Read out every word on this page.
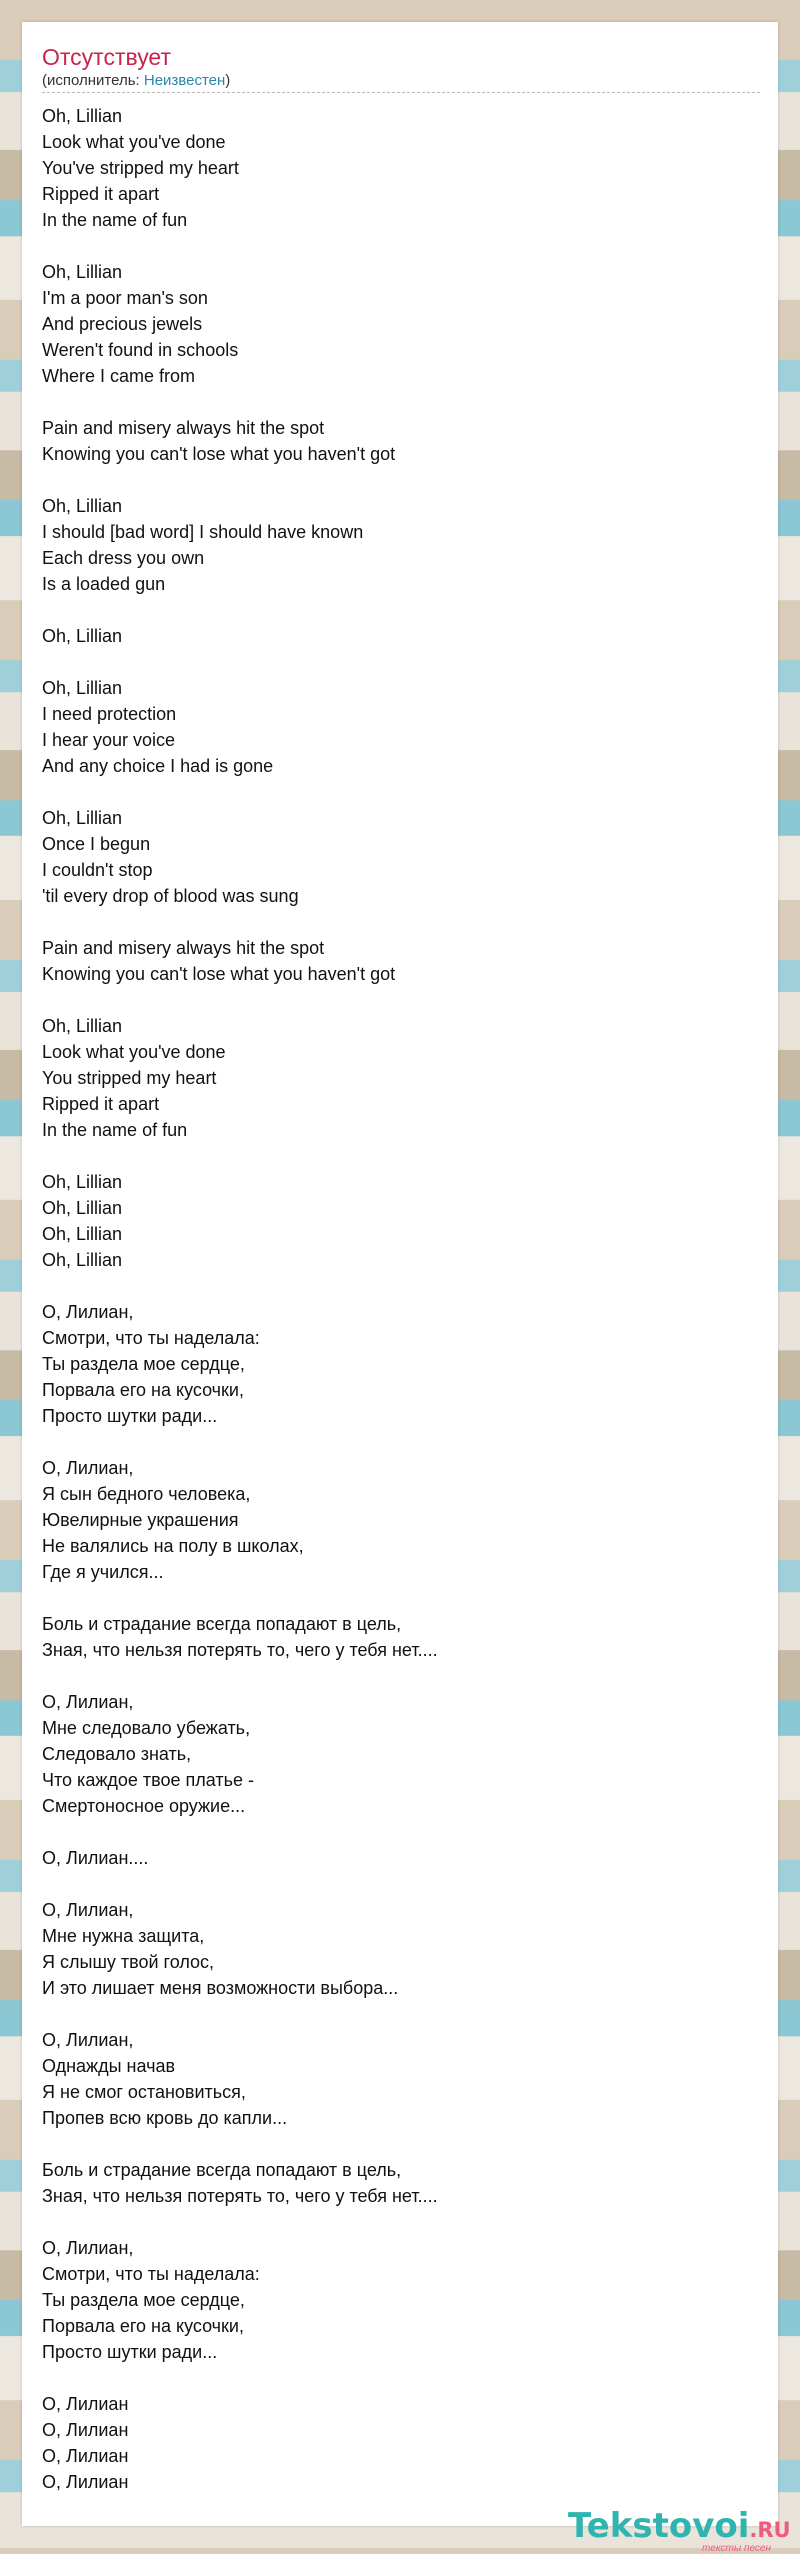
Отсутствует
(исполнитель: Неизвестен)
Oh, Lillian
Look what you've done
You've stripped my heart
Ripped it apart
In the name of fun
Oh, Lillian
I'm a poor man's son
And precious jewels
Weren't found in schools
Where I came from
Pain and misery always hit the spot
Knowing you can't lose what you haven't got
Oh, Lillian
I should [bad word] I should have known
Each dress you own
Is a loaded gun
Oh, Lillian
Oh, Lillian
I need protection
I hear your voice
And any choice I had is gone
Oh, Lillian
Once I begun
I couldn't stop
'til every drop of blood was sung
Pain and misery always hit the spot
Knowing you can't lose what you haven't got
Oh, Lillian
Look what you've done
You stripped my heart
Ripped it apart
In the name of fun
Oh, Lillian
Oh, Lillian
Oh, Lillian
Oh, Lillian
О, Лилиан,
Смотри, что ты наделала:
Ты раздела мое сердце,
Порвала его на кусочки,
Просто шутки ради...
О, Лилиан,
Я сын бедного человека,
Ювелирные украшения
Не валялись на полу в школах,
Где я учился...
Боль и страдание всегда попадают в цель,
Зная, что нельзя потерять то, чего у тебя нет....
О, Лилиан,
Мне следовало убежать,
Следовало знать,
Что каждое твое платье -
Смертоносное оружие...
О, Лилиан....
О, Лилиан,
Мне нужна защита,
Я слышу твой голос,
И это лишает меня возможности выбора...
О, Лилиан,
Однажды начав
Я не смог остановиться,
Пропев всю кровь до капли...
Боль и страдание всегда попадают в цель,
Зная, что нельзя потерять то, чего у тебя нет....
О, Лилиан,
Смотри, что ты наделала:
Ты раздела мое сердце,
Порвала его на кусочки,
Просто шутки ради...
О, Лилиан
О, Лилиан
О, Лилиан
О, Лилиан
Tekstovoi.RU
тексты песен
